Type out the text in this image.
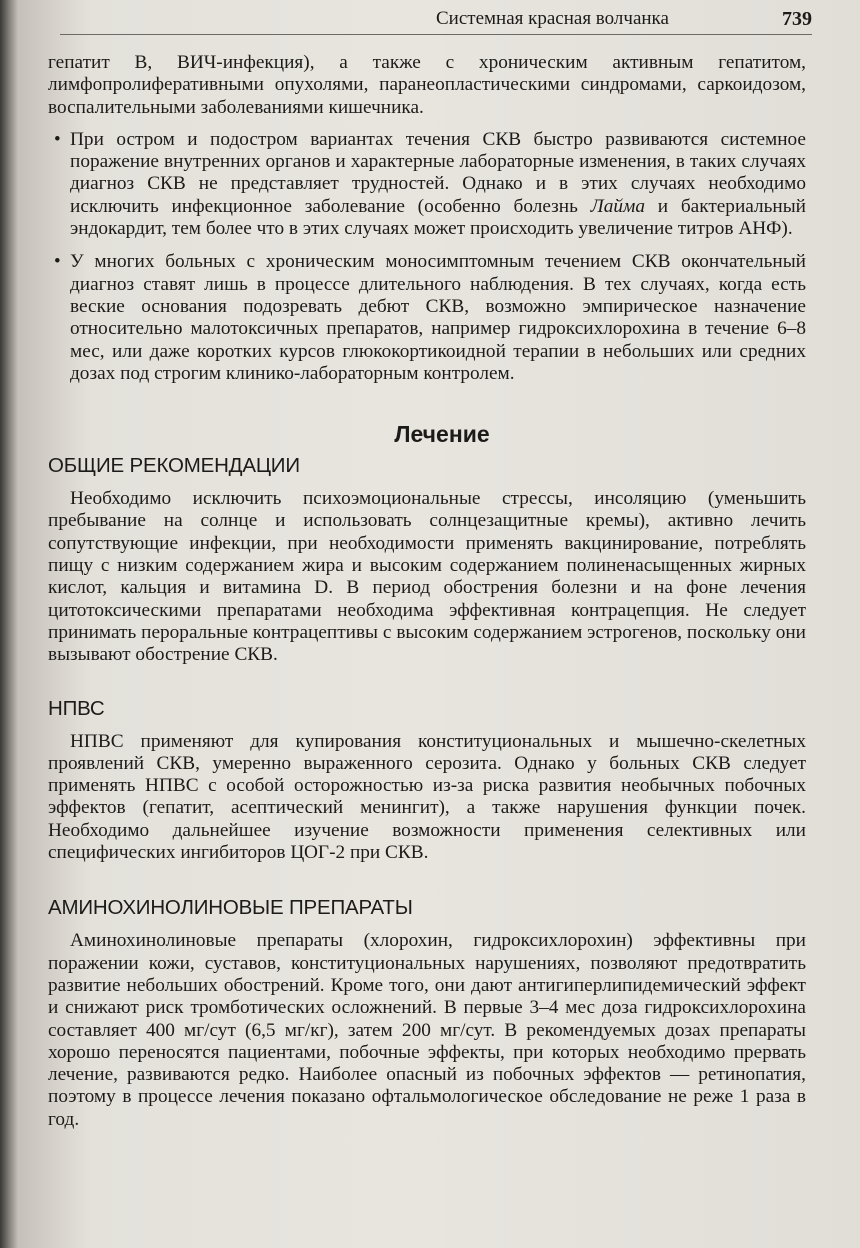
Системная красная волчанка	739

гепатит В, ВИЧ-инфекция), а также с хроническим активным гепатитом, лимфопролиферативными опухолями, паранеопластическими синдромами, саркоидозом, воспалительными заболеваниями кишечника.

• При остром и подостром вариантах течения СКВ быстро развиваются системное поражение внутренних органов и характерные лабораторные изменения, в таких случаях диагноз СКВ не представляет трудностей. Однако и в этих случаях необходимо исключить инфекционное заболевание (особенно болезнь Лайма и бактериальный эндокардит, тем более что в этих случаях может происходить увеличение титров АНФ).

• У многих больных с хроническим моносимптомным течением СКВ окончательный диагноз ставят лишь в процессе длительного наблюдения. В тех случаях, когда есть веские основания подозревать дебют СКВ, возможно эмпирическое назначение относительно малотоксичных препаратов, например гидроксихлорохина в течение 6–8 мес, или даже коротких курсов глюкокортикоидной терапии в небольших или средних дозах под строгим клинико-лабораторным контролем.

Лечение
ОБЩИЕ РЕКОМЕНДАЦИИ

Необходимо исключить психоэмоциональные стрессы, инсоляцию (уменьшить пребывание на солнце и использовать солнцезащитные кремы), активно лечить сопутствующие инфекции, при необходимости применять вакцинирование, потреблять пищу с низким содержанием жира и высоким содержанием полиненасыщенных жирных кислот, кальция и витамина D. В период обострения болезни и на фоне лечения цитотоксическими препаратами необходима эффективная контрацепция. Не следует принимать пероральные контрацептивы с высоким содержанием эстрогенов, поскольку они вызывают обострение СКВ.

НПВС

НПВС применяют для купирования конституциональных и мышечно-скелетных проявлений СКВ, умеренно выраженного серозита. Однако у больных СКВ следует применять НПВС с особой осторожностью из-за риска развития необычных побочных эффектов (гепатит, асептический менингит), а также нарушения функции почек. Необходимо дальнейшее изучение возможности применения селективных или специфических ингибиторов ЦОГ-2 при СКВ.

АМИНОХИНОЛИНОВЫЕ ПРЕПАРАТЫ

Аминохинолиновые препараты (хлорохин, гидроксихлорохин) эффективны при поражении кожи, суставов, конституциональных нарушениях, позволяют предотвратить развитие небольших обострений. Кроме того, они дают антигиперлипидемический эффект и снижают риск тромботических осложнений. В первые 3–4 мес доза гидроксихлорохина составляет 400 мг/сут (6,5 мг/кг), затем 200 мг/сут. В рекомендуемых дозах препараты хорошо переносятся пациентами, побочные эффекты, при которых необходимо прервать лечение, развиваются редко. Наиболее опасный из побочных эффектов — ретинопатия, поэтому в процессе лечения показано офтальмологическое обследование не реже 1 раза в год.
